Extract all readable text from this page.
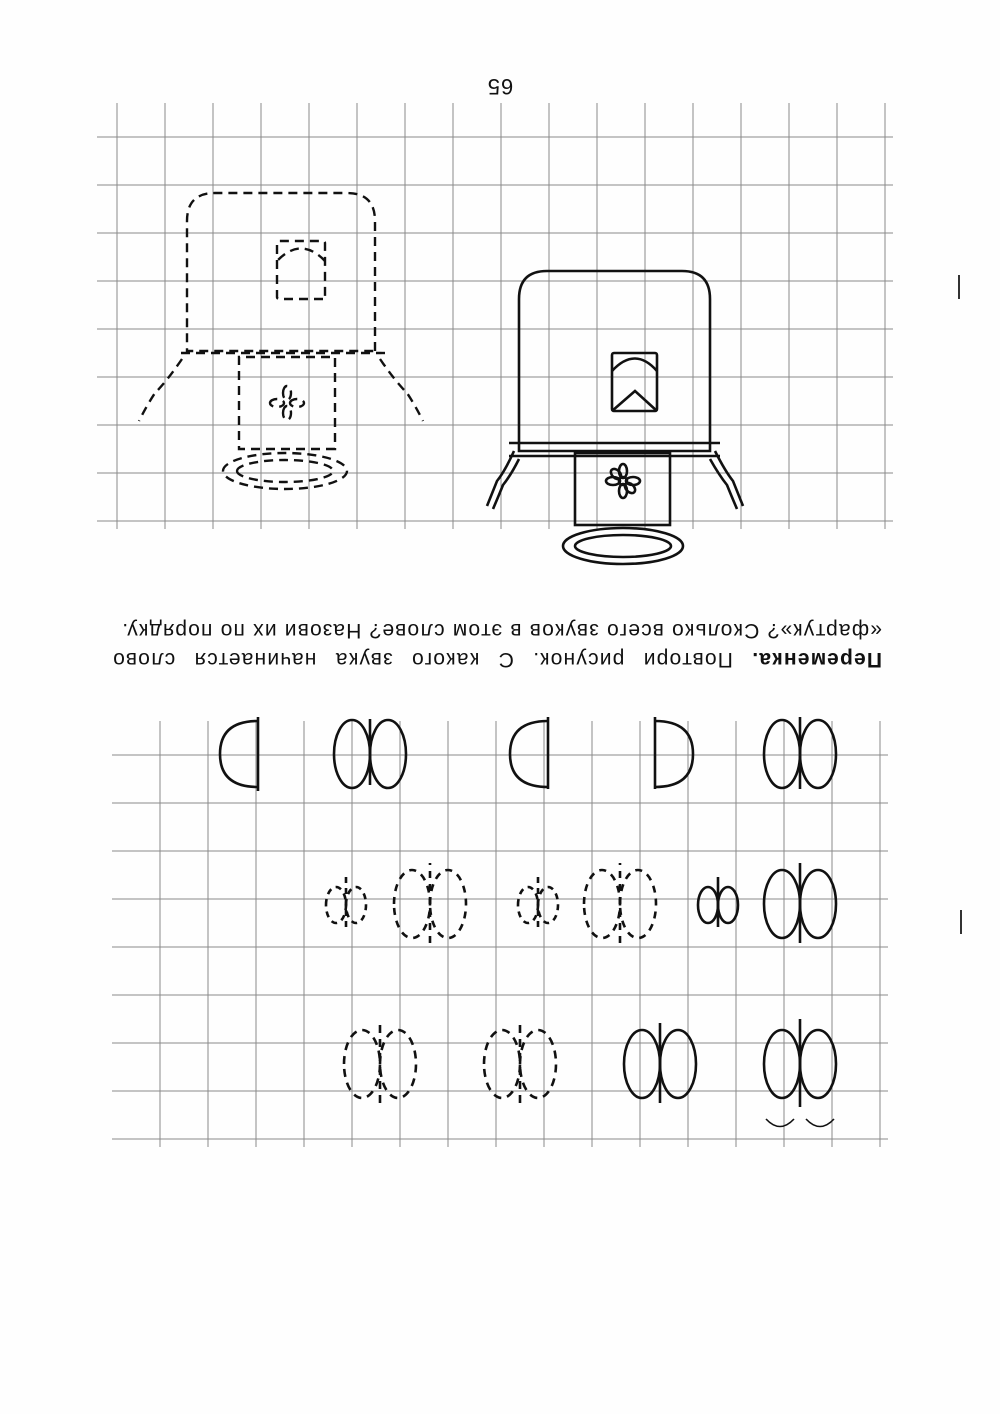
65
Переменка. Повтори рисунок. С какого звука начинается слово «фартук»? Сколько всего звуков в этом слове? Назови их по порядку.
